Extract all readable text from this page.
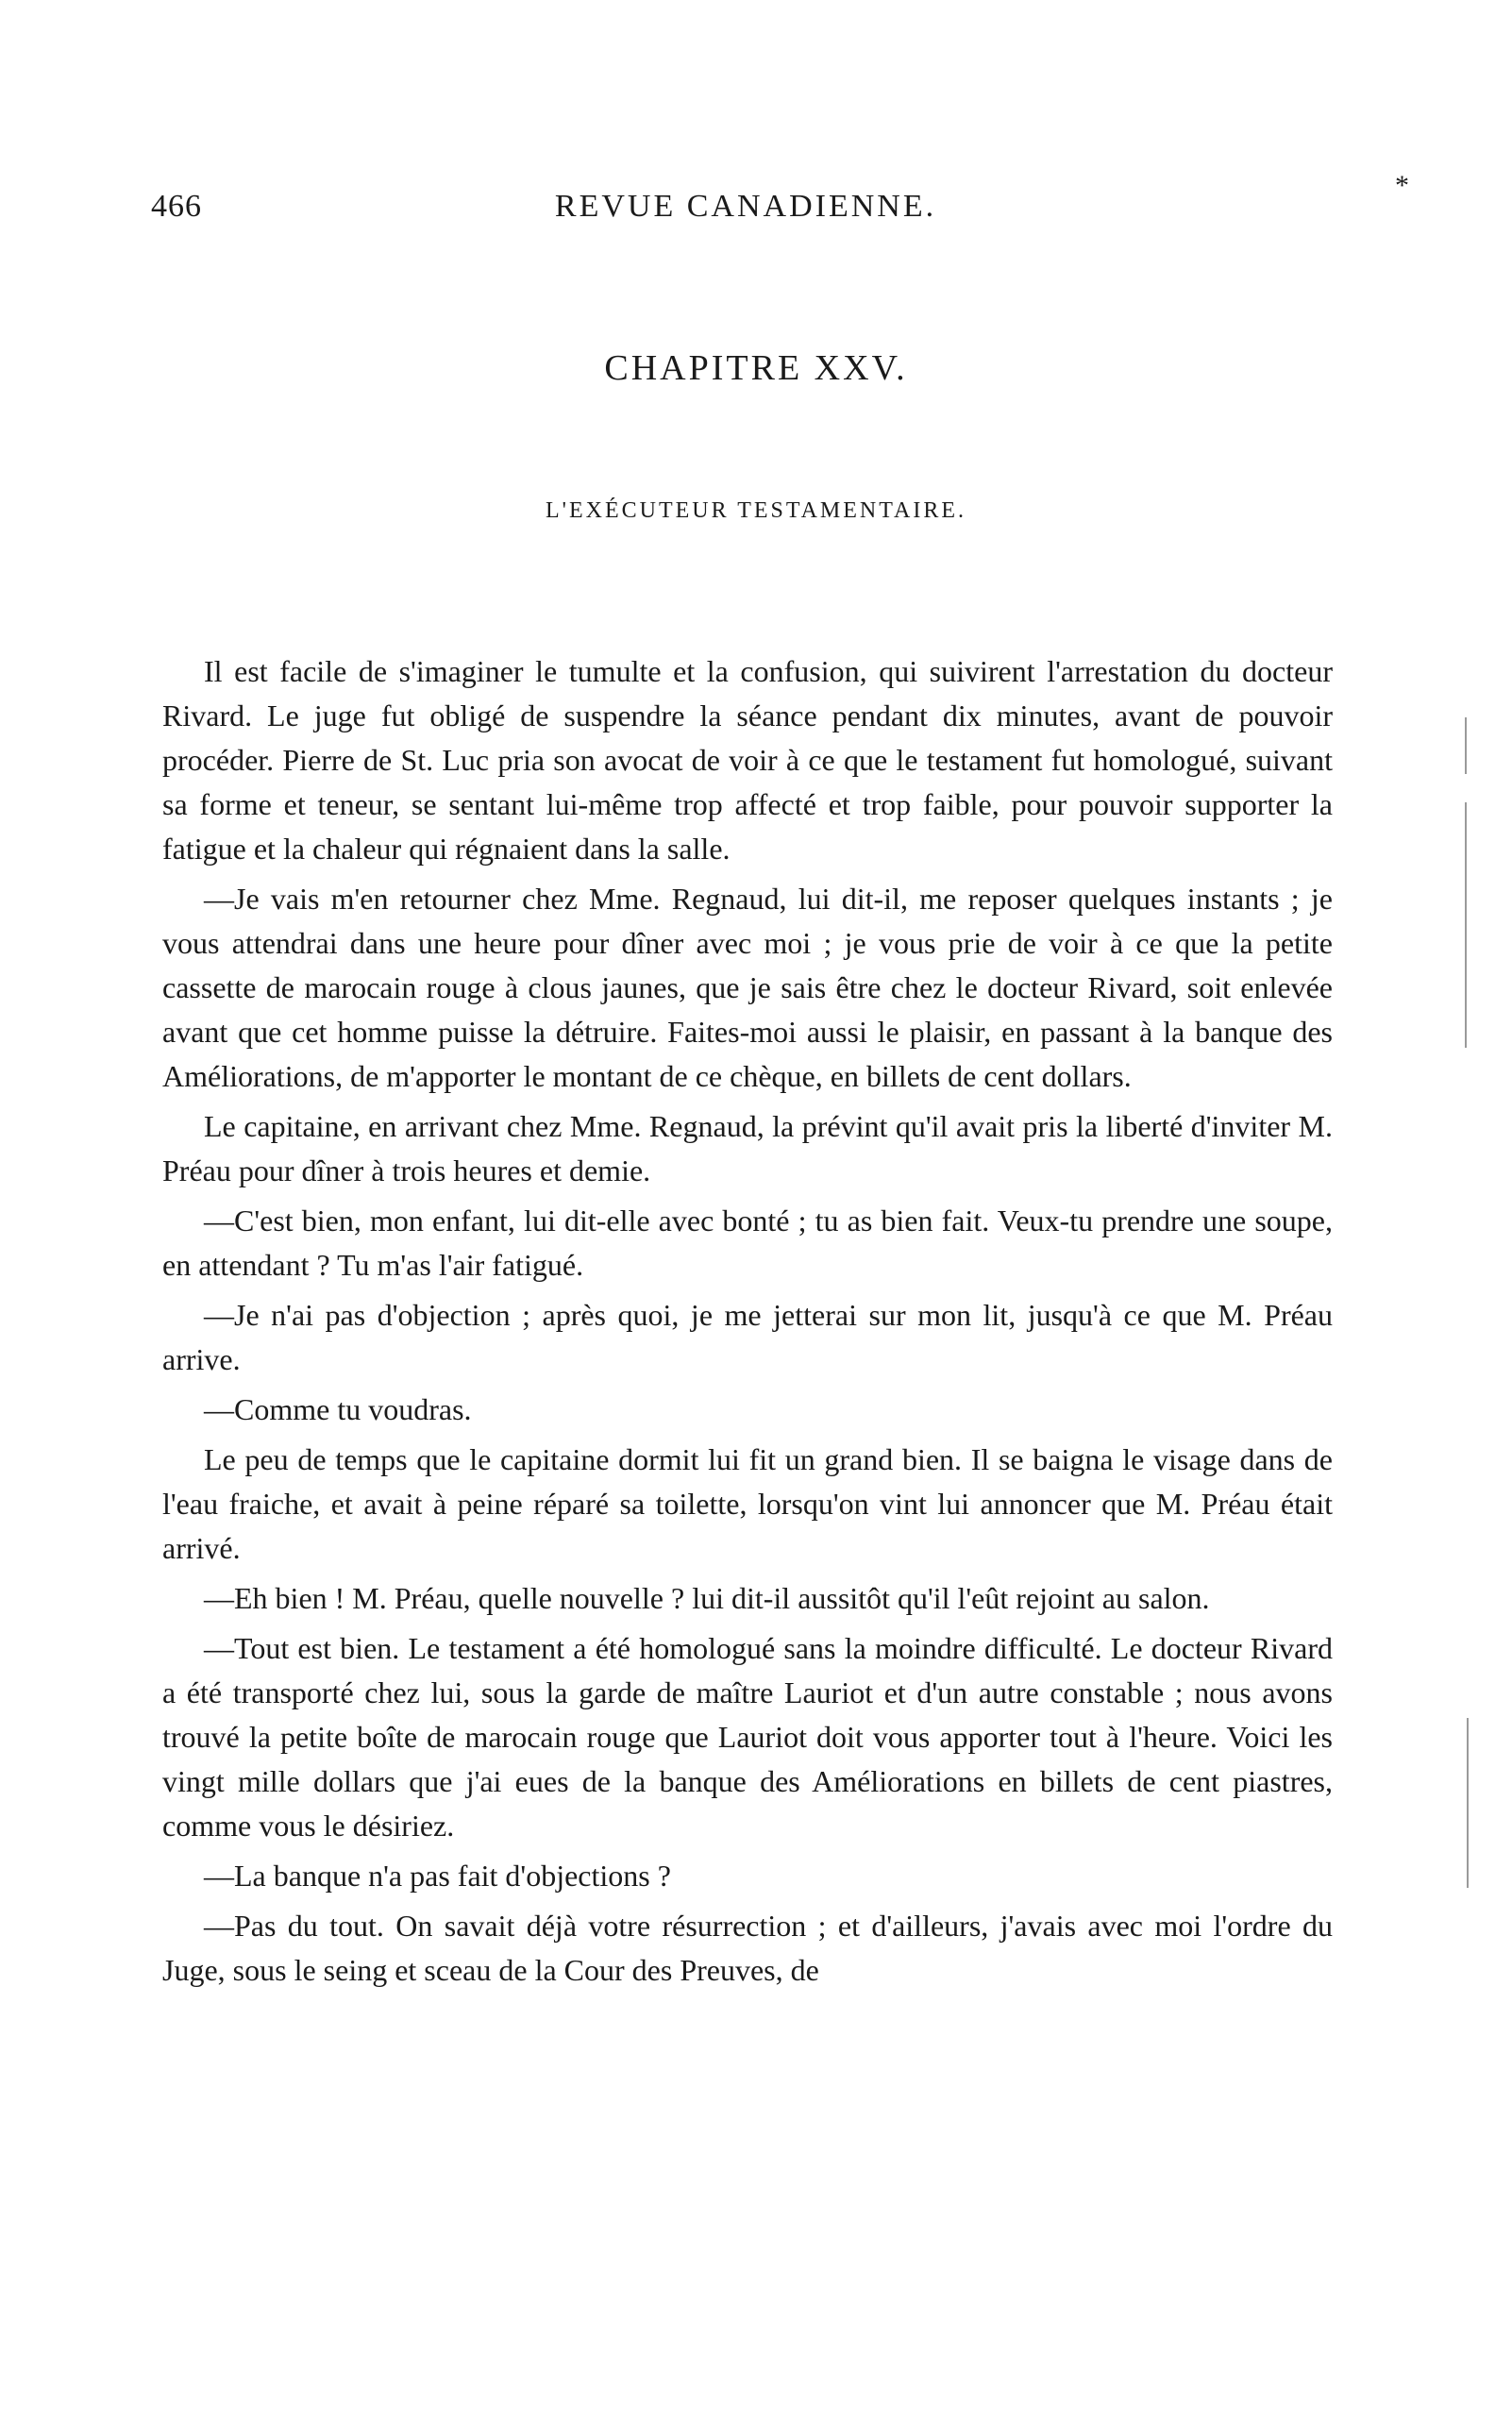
466	REVUE CANADIENNE.
*
CHAPITRE XXV.
L'EXÉCUTEUR TESTAMENTAIRE.

Il est facile de s'imaginer le tumulte et la confusion, qui suivirent l'arrestation du docteur Rivard. Le juge fut obligé de suspendre la séance pendant dix minutes, avant de pouvoir procéder. Pierre de St. Luc pria son avocat de voir à ce que le testament fut homologué, suivant sa forme et teneur, se sentant lui-même trop affecté et trop faible, pour pouvoir supporter la fatigue et la chaleur qui régnaient dans la salle.

—Je vais m'en retourner chez Mme. Regnaud, lui dit-il, me reposer quelques instants ; je vous attendrai dans une heure pour dîner avec moi ; je vous prie de voir à ce que la petite cassette de marocain rouge à clous jaunes, que je sais être chez le docteur Rivard, soit enlevée avant que cet homme puisse la détruire. Faites-moi aussi le plaisir, en passant à la banque des Améliorations, de m'apporter le montant de ce chèque, en billets de cent dollars.

Le capitaine, en arrivant chez Mme. Regnaud, la prévint qu'il avait pris la liberté d'inviter M. Préau pour dîner à trois heures et demie.

—C'est bien, mon enfant, lui dit-elle avec bonté ; tu as bien fait. Veux-tu prendre une soupe, en attendant ? Tu m'as l'air fatigué.

—Je n'ai pas d'objection ; après quoi, je me jetterai sur mon lit, jusqu'à ce que M. Préau arrive.

—Comme tu voudras.

Le peu de temps que le capitaine dormit lui fit un grand bien. Il se baigna le visage dans de l'eau fraiche, et avait à peine réparé sa toilette, lorsqu'on vint lui annoncer que M. Préau était arrivé.

—Eh bien ! M. Préau, quelle nouvelle ? lui dit-il aussitôt qu'il l'eût rejoint au salon.

—Tout est bien. Le testament a été homologué sans la moindre difficulté. Le docteur Rivard a été transporté chez lui, sous la garde de maître Lauriot et d'un autre constable ; nous avons trouvé la petite boîte de marocain rouge que Lauriot doit vous apporter tout à l'heure. Voici les vingt mille dollars que j'ai eues de la banque des Améliorations en billets de cent piastres, comme vous le désiriez.

—La banque n'a pas fait d'objections ?

—Pas du tout. On savait déjà votre résurrection ; et d'ailleurs, j'avais avec moi l'ordre du Juge, sous le seing et sceau de la Cour des Preuves, de
